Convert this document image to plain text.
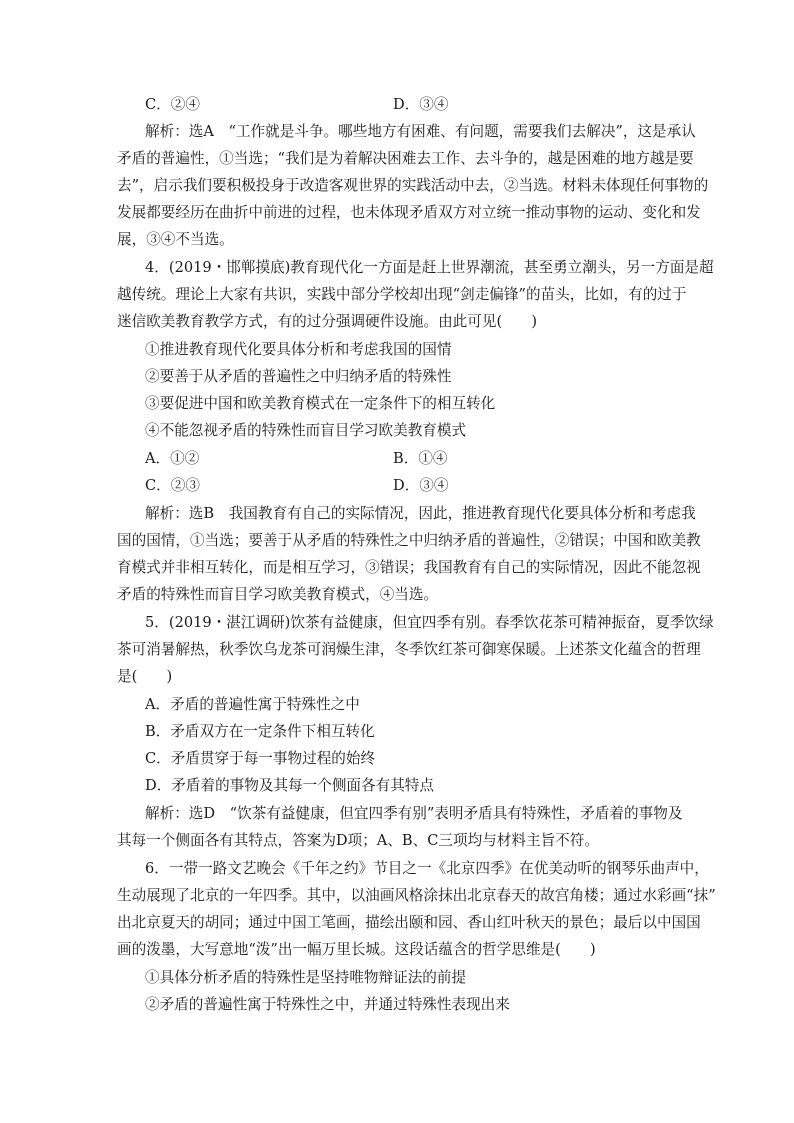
C．②④	D．③④
解析：选A　“工作就是斗争。哪些地方有困难、有问题，需要我们去解决”，这是承认
矛盾的普遍性，①当选；“我们是为着解决困难去工作、去斗争的，越是困难的地方越是要
去”，启示我们要积极投身于改造客观世界的实践活动中去，②当选。材料未体现任何事物的
发展都要经历在曲折中前进的过程，也未体现矛盾双方对立统一推动事物的运动、变化和发
展，③④不当选。
4．(2019・邯郸摸底)教育现代化一方面是赶上世界潮流，甚至勇立潮头，另一方面是超
越传统。理论上大家有共识，实践中部分学校却出现“剑走偏锋”的苗头，比如，有的过于
迷信欧美教育教学方式，有的过分强调硬件设施。由此可见(　　)
①推进教育现代化要具体分析和考虑我国的国情
②要善于从矛盾的普遍性之中归纳矛盾的特殊性
③要促进中国和欧美教育模式在一定条件下的相互转化
④不能忽视矛盾的特殊性而盲目学习欧美教育模式
A．①②	B．①④
C．②③	D．③④
解析：选B　我国教育有自己的实际情况，因此，推进教育现代化要具体分析和考虑我
国的国情，①当选；要善于从矛盾的特殊性之中归纳矛盾的普遍性，②错误；中国和欧美教
育模式并非相互转化，而是相互学习，③错误；我国教育有自己的实际情况，因此不能忽视
矛盾的特殊性而盲目学习欧美教育模式，④当选。
5．(2019・湛江调研)饮茶有益健康，但宜四季有别。春季饮花茶可精神振奋，夏季饮绿
茶可消暑解热，秋季饮乌龙茶可润燥生津，冬季饮红茶可御寒保暖。上述茶文化蕴含的哲理
是(　　)
A．矛盾的普遍性寓于特殊性之中
B．矛盾双方在一定条件下相互转化
C．矛盾贯穿于每一事物过程的始终
D．矛盾着的事物及其每一个侧面各有其特点
解析：选D　“饮茶有益健康，但宜四季有别”表明矛盾具有特殊性，矛盾着的事物及
其每一个侧面各有其特点，答案为D项；A、B、C三项均与材料主旨不符。
6．一带一路文艺晚会《千年之约》节目之一《北京四季》在优美动听的钢琴乐曲声中，
生动展现了北京的一年四季。其中，以油画风格涂抹出北京春天的故宫角楼；通过水彩画“抹”
出北京夏天的胡同；通过中国工笔画，描绘出颐和园、香山红叶秋天的景色；最后以中国国
画的泼墨，大写意地“泼”出一幅万里长城。这段话蕴含的哲学思维是(　　)
①具体分析矛盾的特殊性是坚持唯物辩证法的前提
②矛盾的普遍性寓于特殊性之中，并通过特殊性表现出来
